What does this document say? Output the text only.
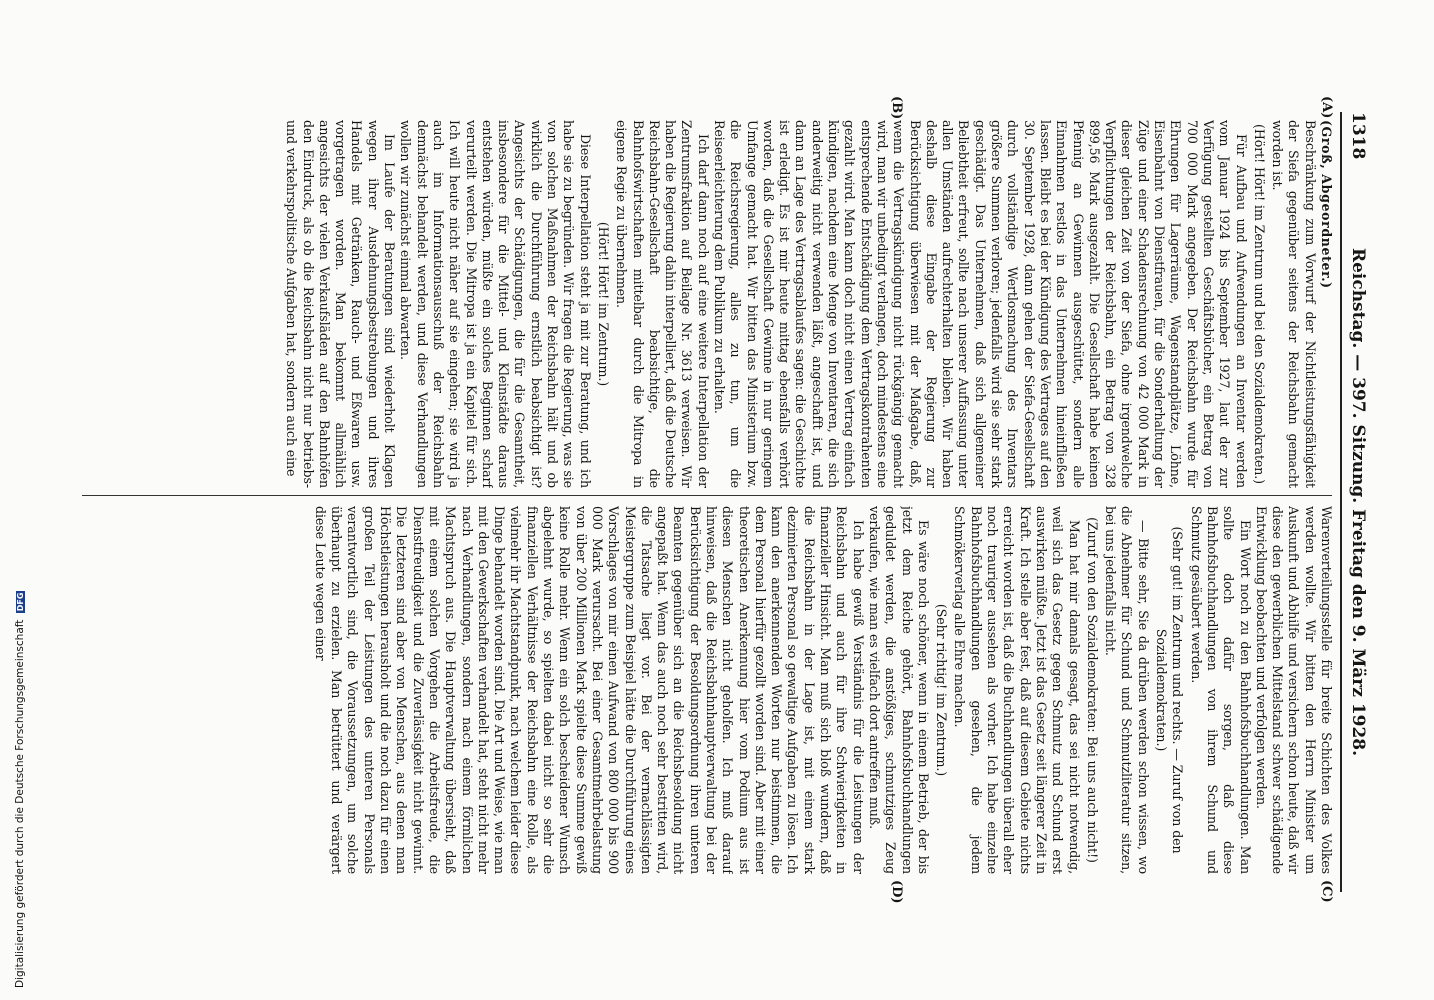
1318
Reichstag. — 397. Sitzung. Freitag den 9. März 1928.
(A)
(B)
(C)
(D)

(Groß, Abgeordneter.)

Beschränkung zum Vorwurf der Nichtleistungsfähigkeit der Siefa gegenüber seitens der Reichsbahn gemacht worden ist.

(Hört! Hört! im Zentrum und bei den Sozialdemokraten.)

Für Aufbau und Aufwendungen an Inventar werden vom Januar 1924 bis September 1927, laut der zur Verfügung gestellten Geschäftsbücher, ein Betrag von 700 000 Mark angegeben. Der Reichsbahn wurde für Ehrungen für Lagerräume, Wagenstandplätze, Löhne, Eisenbahnt von Dienstfrauen, für die Sonderhaltung der Züge und einer Schadensrechnung von 42 000 Mark in dieser gleichen Zeit von der Siefa, ohne irgendwelche Verpflichtungen der Reichsbahn, ein Betrag von 328 899,56 Mark ausgezahlt. Die Gesellschaft habe keinen Pfennig an Gewinnen ausgeschüttet, sondern alle Einnahmen restlos in das Unternehmen hineinfließen lassen. Bleibt es bei der Kündigung des Vertrages auf den 30. September 1928, dann gehen der Siefa-Gesellschaft durch vollständige Wertlosmachung des Inventars größere Summen verloren; jedenfalls wird sie sehr stark geschädigt. Das Unternehmen, daß sich allgemeiner Beliebtheit erfreut, sollte nach unserer Auffassung unter allen Umständen aufrechterhalten bleiben. Wir haben deshalb diese Eingabe der Regierung zur Berücksichtigung überwiesen mit der Maßgabe, daß, wenn die Vertragskündigung nicht rückgängig gemacht wird, man wir unbedingt verlangen, doch mindestens eine entsprechende Entschädigung dem Vertragskontrahenten gezahlt wird. Man kann doch nicht einen Vertrag einfach kündigen, nachdem eine Menge von Inventaren, die sich anderweitig nicht verwenden läßt, angeschafft ist, und dann an Lage des Vertragsablaufes sagen: die Geschichte ist erledigt. Es ist mir heute mittag ebensfalls verhört worden, daß die Gesellschaft Gewinne in nur geringem Umfange gemacht hat. Wir bitten das Ministerium bzw. die Reichsregierung, alles zu tun, um die Reiseerleichterung dem Publikum zu erhalten.

Ich darf dann noch auf eine weitere Interpellation der Zentrumsfraktion auf Beilage Nr. 3613 verweisen. Wir haben die Regierung dahin interpelliert, daß die Deutsche Reichsbahn-Gesellschaft beabsichtige, die Bahnhofswirtschaften mittelbar durch die Mitropa in eigene Regie zu übernehmen.

(Hört! Hört! im Zentrum.)

Diese Interpellation steht ja mit zur Beratung, und ich habe sie zu begründen. Wir fragen die Regierung, was sie von solchen Maßnahmen der Reichsbahn hält und ob wirklich die Durchführung ernstlich beabsichtigt ist? Angesichts der Schädigungen, die für die Gesamtheit, insbesondere für die Mittel- und Kleinstädte daraus entstehen würden, müßte ein solches Beginnen scharf verurteilt werden. Die Mitropa ist ja ein Kapitel für sich. Ich will heute nicht näher auf sie eingehen; sie wird ja auch im Informationsausschuß der Reichsbahn demnächst behandelt werden, und diese Verhandlungen wollen wir zunächst einmal abwarten.

Im Laufe der Beratungen sind wiederholt Klagen wegen ihrer Ausdehnungsbestrebungen und ihres Handels mit Getränken, Rauch- und Eßwaren usw. vorgetragen worden. Man bekommt allmählich angesichts der vielen Verkaufsläden auf den Bahnhöfen den Eindruck, als ob die Reichsbahn nicht nur betriebs- und verkehrspolitische Aufgaben hat, sondern auch eine

Warenverteilungsstelle für breite Schichten des Volkes werden wollte. Wir bitten den Herrn Minister um Auskunft und Abhilfe und versichern schon heute, daß wir diese den gewerblichen Mittelstand schwer schädigende Entwicklung beobachten und verfolgen werden.

Ein Wort noch zu den Bahnhofsbuchhandlungen. Man sollte doch dafür sorgen, daß diese Bahnhofsbuchhandlungen von ihrem Schund und Schmutz gesäubert werden.

(Sehr gut! im Zentrum und rechts. — Zuruf von den Sozialdemokraten.)

— Bitte sehr, Sie da drüben werden schon wissen, wo die Abnehmer für Schund und Schmutzliteratur sitzen, bei uns jedenfalls nicht.

(Zuruf von den Sozialdemokraten: Bei uns auch nicht!)

Man hat mir damals gesagt, das sei nicht notwendig, weil sich das Gesetz gegen Schmutz und Schund erst auswirken müßte. Jetzt ist das Gesetz seit längerer Zeit in Kraft. Ich stelle aber fest, daß auf diesem Gebiete nichts erreicht worden ist, daß die Buchhandlungen überall eher noch trauriger aussehen als vorher. Ich habe einzelne Bahnhofsbuchhandlungen gesehen, die jedem Schmökerverlag alle Ehre machen.

(Sehr richtig! im Zentrum.)

Es wäre noch schöner, wenn in einem Betrieb, der bis jetzt dem Reiche gehört, Bahnhofsbuchhandlungen geduldet werden, die anstößiges, schmutziges Zeug verkaufen, wie man es vielfach dort antreffen muß.

Ich habe gewiß Verständnis für die Leistungen der Reichsbahn und auch für ihre Schwierigkeiten in finanzieller Hinsicht. Man muß sich bloß wundern, daß die Reichsbahn in der Lage ist, mit einem stark dezimierten Personal so gewaltige Aufgaben zu lösen. Ich kann den anerkennenden Worten nur beistimmen, die dem Personal hierfür gezollt worden sind. Aber mit einer theoretischen Anerkennung hier vom Podium aus ist diesen Menschen nicht geholfen. Ich muß darauf hinweisen, daß die Reichsbahnhauptverwaltung bei der Berücksichtigung der Besoldungsordnung ihren unteren Beamten gegenüber sich an die Reichsbesoldung nicht angepaßt hat. Wenn das auch noch sehr bestritten wird, die Tatsache liegt vor. Bei der vernachlässigten Meistergruppe zum Beispiel hätte die Durchführung eines Vorschlages von mir einen Aufwand von 800 000 bis 900 000 Mark verursacht. Bei einer Gesamtmehrbelastung von über 200 Millionen Mark spielte diese Summe gewiß keine Rolle mehr. Wenn ein solch bescheidener Wunsch abgelehnt wurde, so spielten dabei nicht so sehr die finanziellen Verhältnisse der Reichsbahn eine Rolle, als vielmehr ihr Machtstandpunkt, nach welchem leider diese Dinge behandelt worden sind. Die Art und Weise, wie man mit den Gewerkschaften verhandelt hat, steht nicht mehr nach Verhandlungen, sondern nach einem förmlichen Machtspruch aus. Die Hauptverwaltung übersieht, daß mit einem solchen Vorgehen die Arbeitsfreude, die Dienstfreudigkeit und die Zuverlässigkeit nicht gewinnt. Die letzteren sind aber von Menschen, aus denen man Höchstleistungen herausholt und die noch dazu für einen großen Teil der Leistungen des unteren Personals verantwortlich sind, die Voraussetzungen, um solche überhaupt zu erzielen. Man betrüttert und verärgert diese Leute wegen einer

Digitalisierung gefördert durch die Deutsche Forschungsgemeinschaft DFG
